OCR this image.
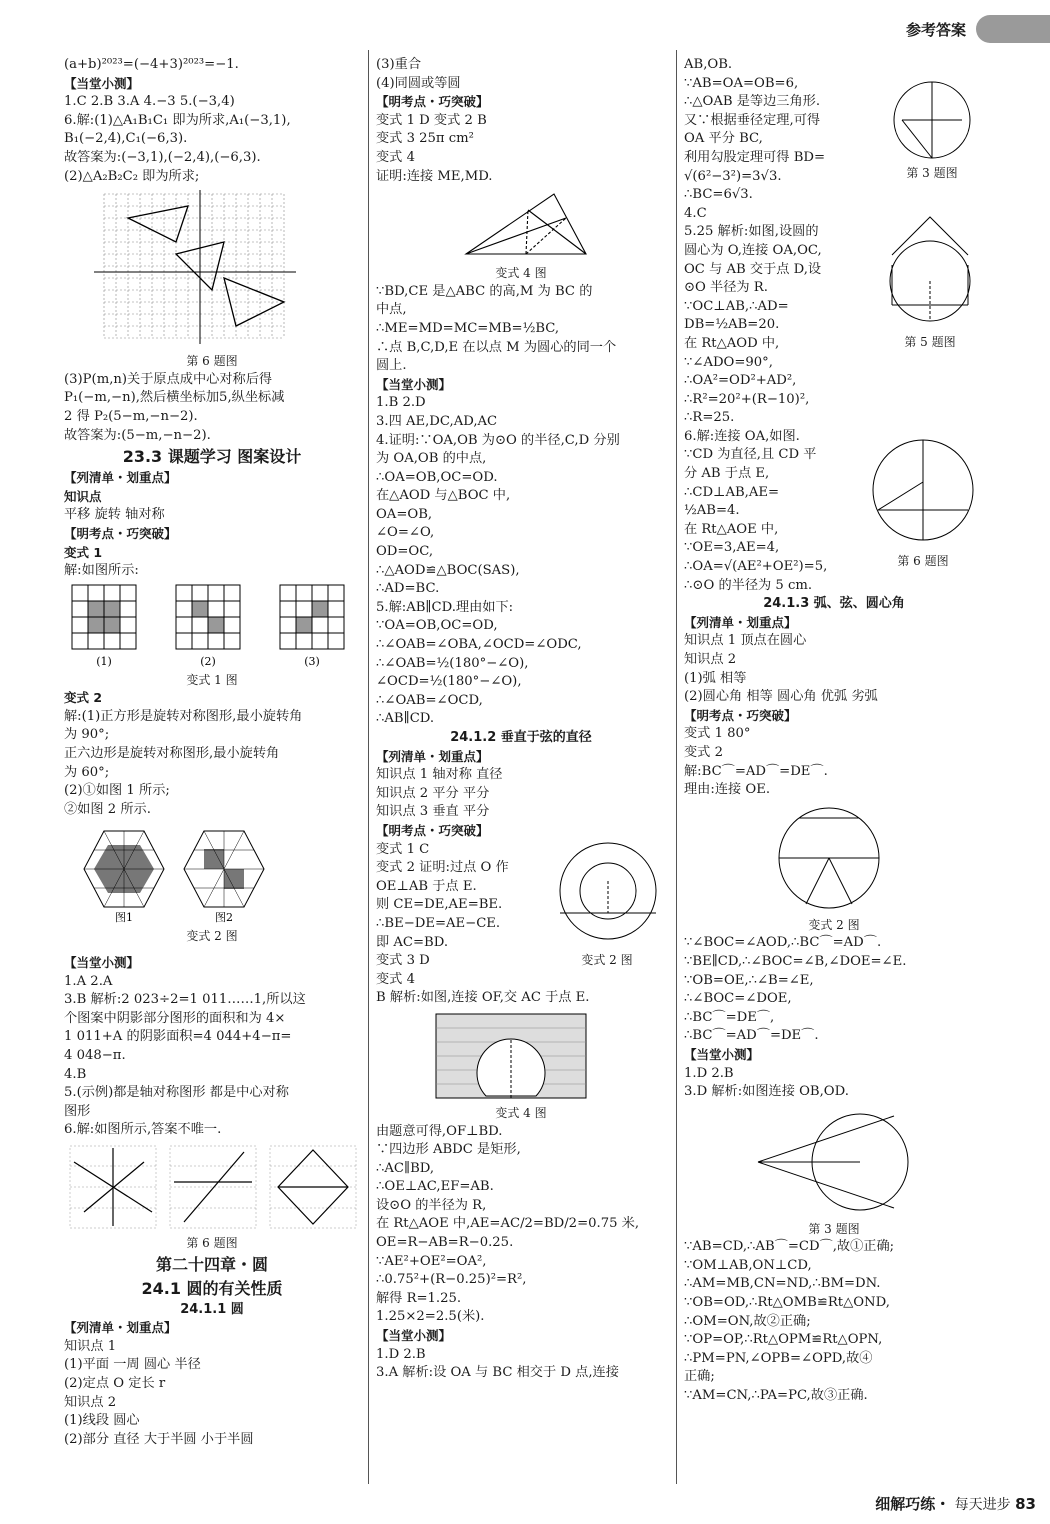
参考答案
(a+b)²⁰²³=(−4+3)²⁰²³=−1.
【当堂小测】
1.C 2.B 3.A 4.−3 5.(−3,4)
6.解:(1)△A₁B₁C₁ 即为所求,A₁(−3,1),
B₁(−2,4),C₁(−6,3).
故答案为:(−3,1),(−2,4),(−6,3).
(2)△A₂B₂C₂ 即为所求;
第 6 题图
(3)P(m,n)关于原点成中心对称后得
P₁(−m,−n),然后横坐标加5,纵坐标减
2 得 P₂(5−m,−n−2).
故答案为:(5−m,−n−2).
23.3 课题学习 图案设计
【列清单・划重点】
知识点
平移 旋转 轴对称
【明考点・巧突破】
变式 1
解:如图所示:
(1)	(2)	(3)
变式 1 图
变式 2
解:(1)正方形是旋转对称图形,最小旋转角
为 90°;
正六边形是旋转对称图形,最小旋转角
为 60°;
(2)①如图 1 所示;
②如图 2 所示.
图1	图2
变式 2 图
【当堂小测】
1.A 2.A
3.B 解析:2 023÷2=1 011……1,所以这
个图案中阴影部分图形的面积和为 4×
1 011+A 的阴影面积=4 044+4−π=
4 048−π.
4.B
5.(示例)都是轴对称图形 都是中心对称
图形
6.解:如图所示,答案不唯一.
第 6 题图
第二十四章・圆
24.1 圆的有关性质
24.1.1 圆
【列清单・划重点】
知识点 1
(1)平面 一周 圆心 半径
(2)定点 O 定长 r
知识点 2
(1)线段 圆心
(2)部分 直径 大于半圆 小于半圆
(3)重合
(4)同圆或等圆
【明考点・巧突破】
变式 1 D 变式 2 B
变式 3 25π cm²
变式 4
证明:连接 ME,MD.
变式 4 图
∵BD,CE 是△ABC 的高,M 为 BC 的
中点,
∴ME=MD=MC=MB=½BC,
∴点 B,C,D,E 在以点 M 为圆心的同一个
圆上.
【当堂小测】
1.B 2.D
3.四 AE,DC,AD,AC
4.证明:∵OA,OB 为⊙O 的半径,C,D 分别
为 OA,OB 的中点,
∴OA=OB,OC=OD.
在△AOD 与△BOC 中,
OA=OB,
∠O=∠O,
OD=OC,
∴△AOD≌△BOC(SAS),
∴AD=BC.
5.解:AB∥CD.理由如下:
∵OA=OB,OC=OD,
∴∠OAB=∠OBA,∠OCD=∠ODC,
∴∠OAB=½(180°−∠O),
∠OCD=½(180°−∠O),
∴∠OAB=∠OCD,
∴AB∥CD.
24.1.2 垂直于弦的直径
【列清单・划重点】
知识点 1 轴对称 直径
知识点 2 平分 平分
知识点 3 垂直 平分
【明考点・巧突破】
变式 1 C
变式 2 证明:过点 O 作
OE⊥AB 于点 E.
则 CE=DE,AE=BE.
∴BE−DE=AE−CE.
即 AC=BD.
变式 3 D
变式 4
变式 2 图
B 解析:如图,连接 OF,交 AC 于点 E.
变式 4 图
由题意可得,OF⊥BD.
∵四边形 ABDC 是矩形,
∴AC∥BD,
∴OE⊥AC,EF=AB.
设⊙O 的半径为 R,
在 Rt△AOE 中,AE=AC/2=BD/2=0.75 米,
OE=R−AB=R−0.25.
∵AE²+OE²=OA²,
∴0.75²+(R−0.25)²=R²,
解得 R=1.25.
1.25×2=2.5(米).
【当堂小测】
1.D 2.B
3.A 解析:设 OA 与 BC 相交于 D 点,连接
AB,OB.
∵AB=OA=OB=6,
∴△OAB 是等边三角形.
又∵根据垂径定理,可得
OA 平分 BC,
利用勾股定理可得 BD=
√(6²−3²)=3√3.
∴BC=6√3.
第 3 题图
4.C
5.25 解析:如图,设圆的
圆心为 O,连接 OA,OC,
OC 与 AB 交于点 D,设
⊙O 半径为 R.
∵OC⊥AB,∴AD=
DB=½AB=20.
在 Rt△AOD 中,
∵∠ADO=90°,
∴OA²=OD²+AD²,
∴R²=20²+(R−10)²,
∴R=25.
第 5 题图
6.解:连接 OA,如图.
∵CD 为直径,且 CD 平
分 AB 于点 E,
∴CD⊥AB,AE=
½AB=4.
在 Rt△AOE 中,
∵OE=3,AE=4,
∴OA=√(AE²+OE²)=5,
∴⊙O 的半径为 5 cm.
第 6 题图
24.1.3 弧、弦、圆心角
【列清单・划重点】
知识点 1 顶点在圆心
知识点 2
(1)弧 相等
(2)圆心角 相等 圆心角 优弧 劣弧
【明考点・巧突破】
变式 1 80°
变式 2
解:BC⌒=AD⌒=DE⌒.
理由:连接 OE.
变式 2 图
∵∠BOC=∠AOD,∴BC⌒=AD⌒.
∵BE∥CD,∴∠BOC=∠B,∠DOE=∠E.
∵OB=OE,∴∠B=∠E,
∴∠BOC=∠DOE,
∴BC⌒=DE⌒,
∴BC⌒=AD⌒=DE⌒.
【当堂小测】
1.D 2.B
3.D 解析:如图连接 OB,OD.
第 3 题图
∵AB=CD,∴AB⌒=CD⌒,故①正确;
∵OM⊥AB,ON⊥CD,
∴AM=MB,CN=ND,∴BM=DN.
∵OB=OD,∴Rt△OMB≌Rt△OND,
∴OM=ON,故②正确;
∵OP=OP,∴Rt△OPM≌Rt△OPN,
∴PM=PN,∠OPB=∠OPD,故④
正确;
∵AM=CN,∴PA=PC,故③正确.
细解巧练・ 每天进步 83
